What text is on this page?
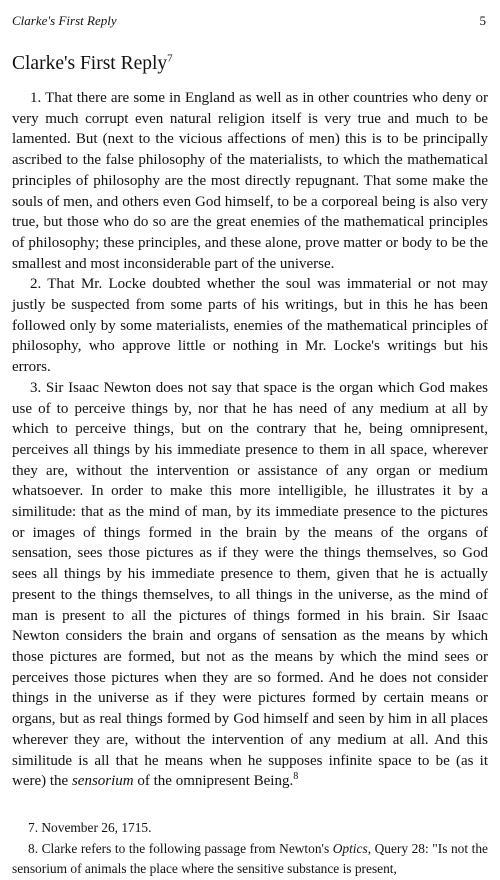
Clarke's First Reply	5
Clarke's First Reply$^7$

1. That there are some in England as well as in other countries who deny or very much corrupt even natural religion itself is very true and much to be lamented. But (next to the vicious affections of men) this is to be principally ascribed to the false philosophy of the materialists, to which the mathematical principles of philosophy are the most directly repugnant. That some make the souls of men, and others even God himself, to be a corporeal being is also very true, but those who do so are the great enemies of the mathematical principles of philosophy; these principles, and these alone, prove matter or body to be the smallest and most inconsiderable part of the universe.

2. That Mr. Locke doubted whether the soul was immaterial or not may justly be suspected from some parts of his writings, but in this he has been followed only by some materialists, enemies of the mathematical principles of philosophy, who approve little or nothing in Mr. Locke's writings but his errors.

3. Sir Isaac Newton does not say that space is the organ which God makes use of to perceive things by, nor that he has need of any medium at all by which to perceive things, but on the contrary that he, being omnipresent, perceives all things by his immediate presence to them in all space, wherever they are, without the intervention or assistance of any organ or medium whatsoever. In order to make this more intelligible, he illustrates it by a similitude: that as the mind of man, by its immediate presence to the pictures or images of things formed in the brain by the means of the organs of sensation, sees those pictures as if they were the things themselves, so God sees all things by his immediate presence to them, given that he is actually present to the things themselves, to all things in the universe, as the mind of man is present to all the pictures of things formed in his brain. Sir Isaac Newton considers the brain and organs of sensation as the means by which those pictures are formed, but not as the means by which the mind sees or perceives those pictures when they are so formed. And he does not consider things in the universe as if they were pictures formed by certain means or organs, but as real things formed by God himself and seen by him in all places wherever they are, without the intervention of any medium at all. And this similitude is all that he means when he supposes infinite space to be (as it were) the sensorium of the omnipresent Being.$^8$

7. November 26, 1715.

8. Clarke refers to the following passage from Newton's Optics, Query 28: "Is not the sensorium of animals the place where the sensitive substance is present,
